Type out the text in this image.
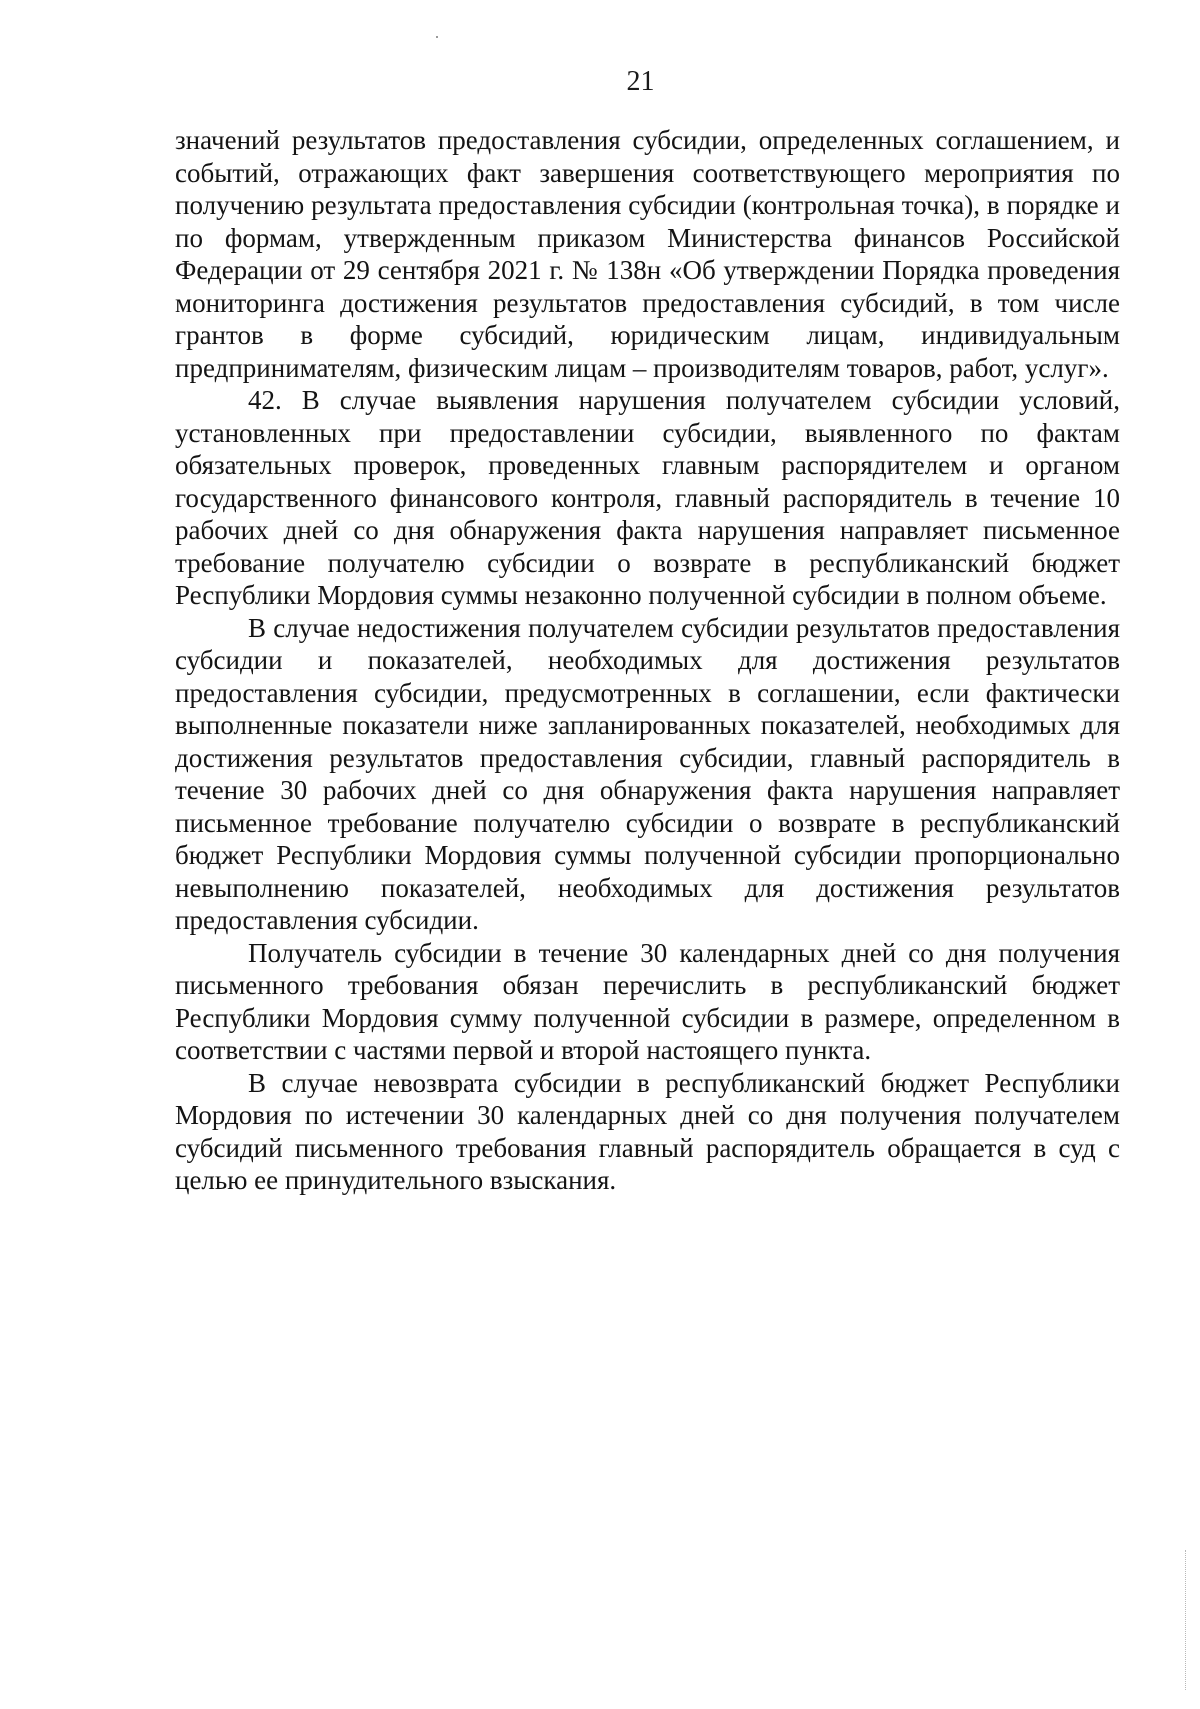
21

значений результатов предоставления субсидии, определенных соглашением, и событий, отражающих факт завершения соответствующего мероприятия по получению результата предоставления субсидии (контрольная точка), в порядке и по формам, утвержденным приказом Министерства финансов Российской Федерации от 29 сентября 2021 г. № 138н «Об утверждении Порядка проведения мониторинга достижения результатов предоставления субсидий, в том числе грантов в форме субсидий, юридическим лицам, индивидуальным предпринимателям, физическим лицам – производителям товаров, работ, услуг».

42. В случае выявления нарушения получателем субсидии условий, установленных при предоставлении субсидии, выявленного по фактам обязательных проверок, проведенных главным распорядителем и органом государственного финансового контроля, главный распорядитель в течение 10 рабочих дней со дня обнаружения факта нарушения направляет письменное требование получателю субсидии о возврате в республиканский бюджет Республики Мордовия суммы незаконно полученной субсидии в полном объеме.

В случае недостижения получателем субсидии результатов предоставления субсидии и показателей, необходимых для достижения результатов предоставления субсидии, предусмотренных в соглашении, если фактически выполненные показатели ниже запланированных показателей, необходимых для достижения результатов предоставления субсидии, главный распорядитель в течение 30 рабочих дней со дня обнаружения факта нарушения направляет письменное требование получателю субсидии о возврате в республиканский бюджет Республики Мордовия суммы полученной субсидии пропорционально невыполнению показателей, необходимых для достижения результатов предоставления субсидии.

Получатель субсидии в течение 30 календарных дней со дня получения письменного требования обязан перечислить в республиканский бюджет Республики Мордовия сумму полученной субсидии в размере, определенном в соответствии с частями первой и второй настоящего пункта.

В случае невозврата субсидии в республиканский бюджет Республики Мордовия по истечении 30 календарных дней со дня получения получателем субсидий письменного требования главный распорядитель обращается в суд с целью ее принудительного взыскания.
